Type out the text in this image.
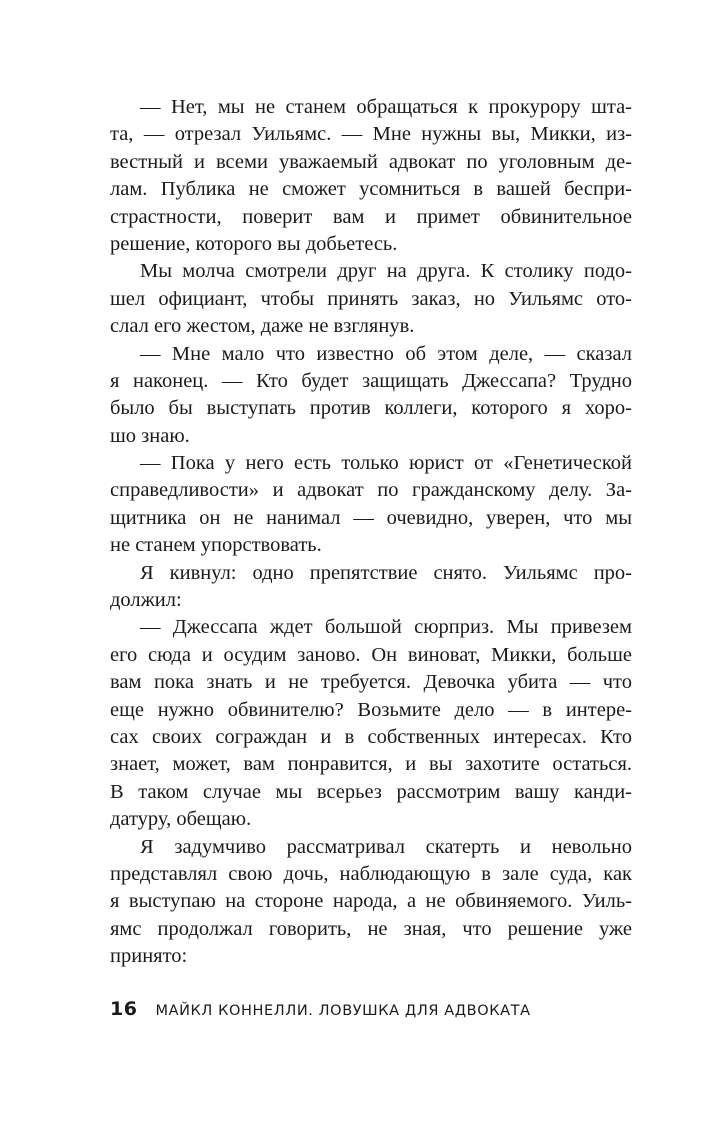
— Нет, мы не станем обращаться к прокурору шта-
та, — отрезал Уильямс. — Мне нужны вы, Микки, из-
вестный и всеми уважаемый адвокат по уголовным де-
лам. Публика не сможет усомниться в вашей беспри-
страстности, поверит вам и примет обвинительное
решение, которого вы добьетесь.
Мы молча смотрели друг на друга. К столику подо-
шел официант, чтобы принять заказ, но Уильямс ото-
слал его жестом, даже не взглянув.
— Мне мало что известно об этом деле, — сказал
я наконец. — Кто будет защищать Джессапа? Трудно
было бы выступать против коллеги, которого я хоро-
шо знаю.
— Пока у него есть только юрист от «Генетической
справедливости» и адвокат по гражданскому делу. За-
щитника он не нанимал — очевидно, уверен, что мы
не станем упорствовать.
Я кивнул: одно препятствие снято. Уильямс про-
должил:
— Джессапа ждет большой сюрприз. Мы привезем
его сюда и осудим заново. Он виноват, Микки, больше
вам пока знать и не требуется. Девочка убита — что
еще нужно обвинителю? Возьмите дело — в интере-
сах своих сограждан и в собственных интересах. Кто
знает, может, вам понравится, и вы захотите остаться.
В таком случае мы всерьез рассмотрим вашу канди-
датуру, обещаю.
Я задумчиво рассматривал скатерть и невольно
представлял свою дочь, наблюдающую в зале суда, как
я выступаю на стороне народа, а не обвиняемого. Уиль-
ямс продолжал говорить, не зная, что решение уже
принято:
16 МАЙКЛ КОННЕЛЛИ. ЛОВУШКА ДЛЯ АДВОКАТА
